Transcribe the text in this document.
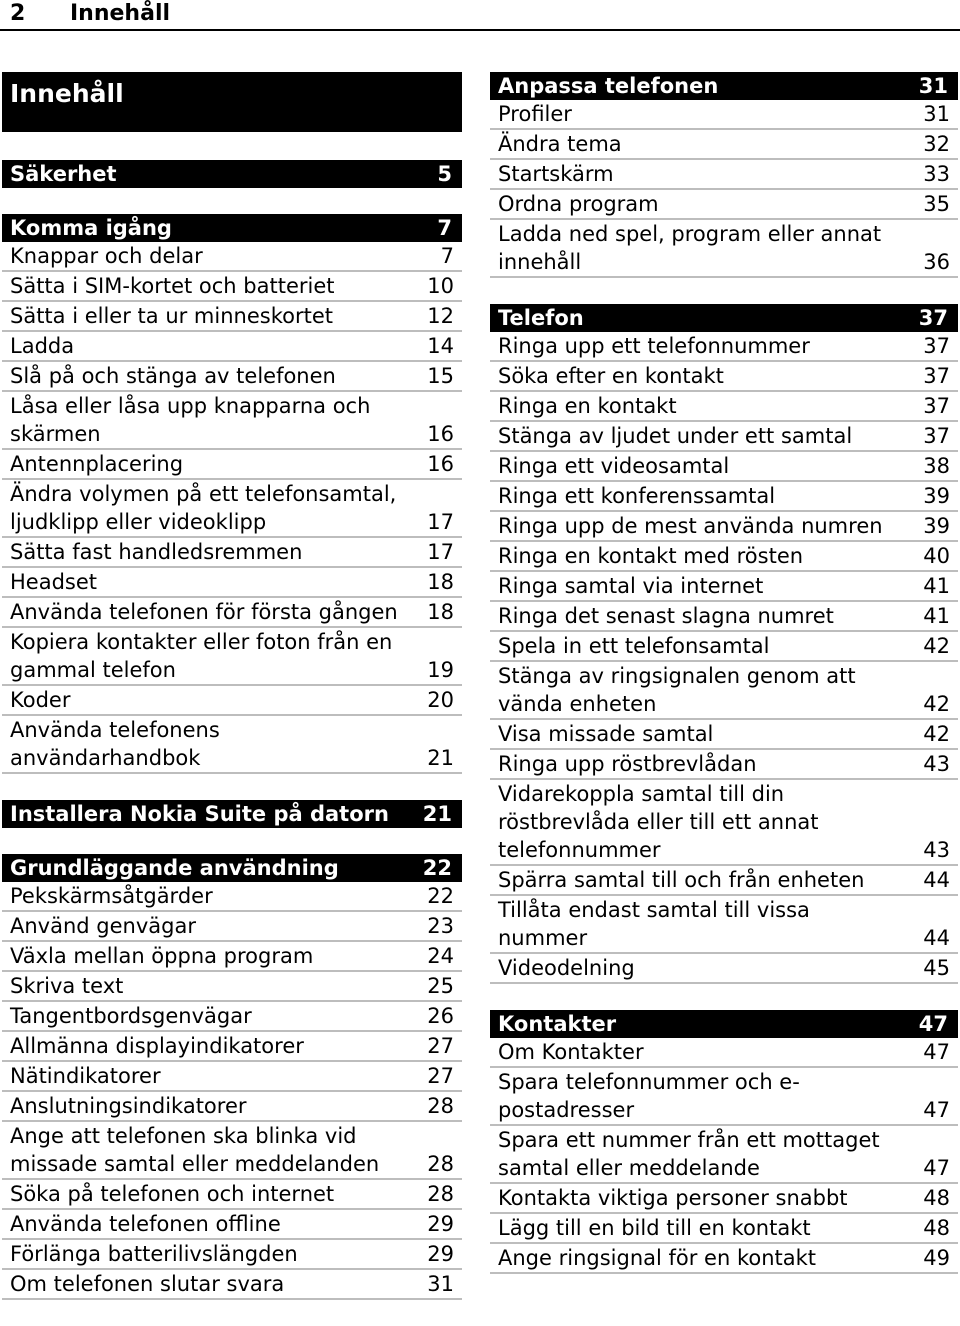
2 Innehåll
Innehåll
Säkerhet	5
Komma igång	7
Knappar och delar	7
Sätta i SIM-kortet och batteriet	10
Sätta i eller ta ur minneskortet	12
Ladda	14
Slå på och stänga av telefonen	15
Låsa eller låsa upp knapparna och
skärmen	16
Antennplacering	16
Ändra volymen på ett telefonsamtal,
ljudklipp eller videoklipp	17
Sätta fast handledsremmen	17
Headset	18
Använda telefonen för första gången	18
Kopiera kontakter eller foton från en
gammal telefon	19
Koder	20
Använda telefonens
användarhandbok	21
Installera Nokia Suite på datorn 21
Grundläggande användning	22
Pekskärmsåtgärder	22
Använd genvägar	23
Växla mellan öppna program	24
Skriva text	25
Tangentbordsgenvägar	26
Allmänna displayindikatorer	27
Nätindikatorer	27
Anslutningsindikatorer	28
Ange att telefonen ska blinka vid
missade samtal eller meddelanden	28
Söka på telefonen och internet	28
Använda telefonen offline	29
Förlänga batterilivslängden	29
Om telefonen slutar svara	31
Anpassa telefonen	31
Profiler	31
Ändra tema	32
Startskärm	33
Ordna program	35
Ladda ned spel, program eller annat
innehåll	36
Telefon	37
Ringa upp ett telefonnummer	37
Söka efter en kontakt	37
Ringa en kontakt	37
Stänga av ljudet under ett samtal	37
Ringa ett videosamtal	38
Ringa ett konferenssamtal	39
Ringa upp de mest använda numren	39
Ringa en kontakt med rösten	40
Ringa samtal via internet	41
Ringa det senast slagna numret	41
Spela in ett telefonsamtal	42
Stänga av ringsignalen genom att
vända enheten	42
Visa missade samtal	42
Ringa upp röstbrevlådan	43
Vidarekoppla samtal till din
röstbrevlåda eller till ett annat
telefonnummer	43
Spärra samtal till och från enheten	44
Tillåta endast samtal till vissa
nummer	44
Videodelning	45
Kontakter	47
Om Kontakter	47
Spara telefonnummer och e-
postadresser	47
Spara ett nummer från ett mottaget
samtal eller meddelande	47
Kontakta viktiga personer snabbt	48
Lägg till en bild till en kontakt	48
Ange ringsignal för en kontakt	49
